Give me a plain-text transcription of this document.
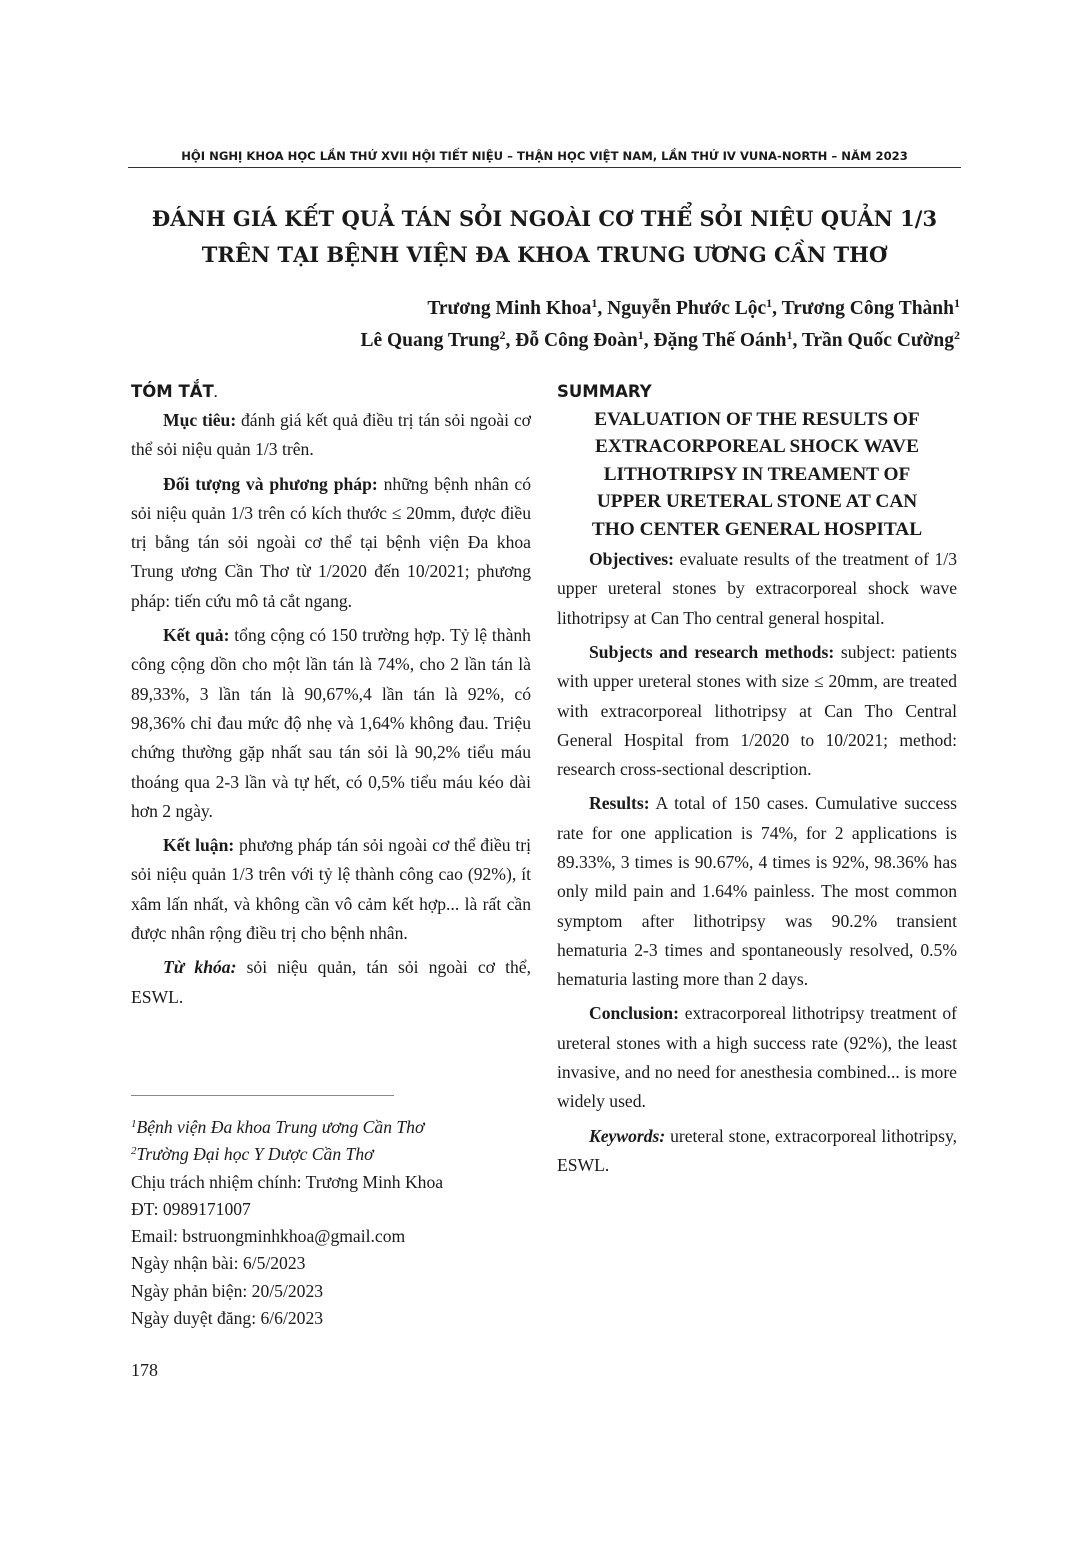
HỘI NGHỊ KHOA HỌC LẦN THỨ XVII HỘI TIẾT NIỆU – THẬN HỌC VIỆT NAM, LẦN THỨ IV VUNA-NORTH – NĂM 2023
ĐÁNH GIÁ KẾT QUẢ TÁN SỎI NGOÀI CƠ THỂ SỎI NIỆU QUẢN 1/3
TRÊN TẠI BỆNH VIỆN ĐA KHOA TRUNG ƯƠNG CẦN THƠ
Trương Minh Khoa$^1$, Nguyễn Phước Lộc$^1$, Trương Công Thành$^1$
Lê Quang Trung$^2$, Đỗ Công Đoàn$^1$, Đặng Thế Oánh$^1$, Trần Quốc Cường$^2$
TÓM TẮT.

Mục tiêu: đánh giá kết quả điều trị tán sỏi ngoài cơ thể sỏi niệu quản 1/3 trên.

Đối tượng và phương pháp: những bệnh nhân có sỏi niệu quản 1/3 trên có kích thước ≤ 20mm, được điều trị bằng tán sỏi ngoài cơ thể tại bệnh viện Đa khoa Trung ương Cần Thơ từ 1/2020 đến 10/2021; phương pháp: tiến cứu mô tả cắt ngang.

Kết quả: tổng cộng có 150 trường hợp. Tỷ lệ thành công cộng dồn cho một lần tán là 74%, cho 2 lần tán là 89,33%, 3 lần tán là 90,67%,4 lần tán là 92%, có 98,36% chỉ đau mức độ nhẹ và 1,64% không đau. Triệu chứng thường gặp nhất sau tán sỏi là 90,2% tiểu máu thoáng qua 2-3 lần và tự hết, có 0,5% tiểu máu kéo dài hơn 2 ngày.

Kết luận: phương pháp tán sỏi ngoài cơ thể điều trị sỏi niệu quản 1/3 trên với tỷ lệ thành công cao (92%), ít xâm lấn nhất, và không cần vô cảm kết hợp... là rất cần được nhân rộng điều trị cho bệnh nhân.

Từ khóa: sỏi niệu quản, tán sỏi ngoài cơ thể, ESWL.

SUMMARY
EVALUATION OF THE RESULTS OF
EXTRACORPOREAL SHOCK WAVE
LITHOTRIPSY IN TREAMENT OF
UPPER URETERAL STONE AT CAN
THO CENTER GENERAL HOSPITAL

Objectives: evaluate results of the treatment of 1/3 upper ureteral stones by extracorporeal shock wave lithotripsy at Can Tho central general hospital.

Subjects and research methods: subject: patients with upper ureteral stones with size ≤ 20mm, are treated with extracorporeal lithotripsy at Can Tho Central General Hospital from 1/2020 to 10/2021; method: research cross-sectional description.

Results: A total of 150 cases. Cumulative success rate for one application is 74%, for 2 applications is 89.33%, 3 times is 90.67%, 4 times is 92%, 98.36% has only mild pain and 1.64% painless. The most common symptom after lithotripsy was 90.2% transient hematuria 2-3 times and spontaneously resolved, 0.5% hematuria lasting more than 2 days.

Conclusion: extracorporeal lithotripsy treatment of ureteral stones with a high success rate (92%), the least invasive, and no need for anesthesia combined... is more widely used.

Keywords: ureteral stone, extracorporeal lithotripsy, ESWL.

$^1$Bệnh viện Đa khoa Trung ương Cần Thơ
$^2$Trường Đại học Y Dược Cần Thơ
Chịu trách nhiệm chính: Trương Minh Khoa
ĐT: 0989171007
Email: bstruongminhkhoa@gmail.com
Ngày nhận bài: 6/5/2023
Ngày phản biện: 20/5/2023
Ngày duyệt đăng: 6/6/2023
178
